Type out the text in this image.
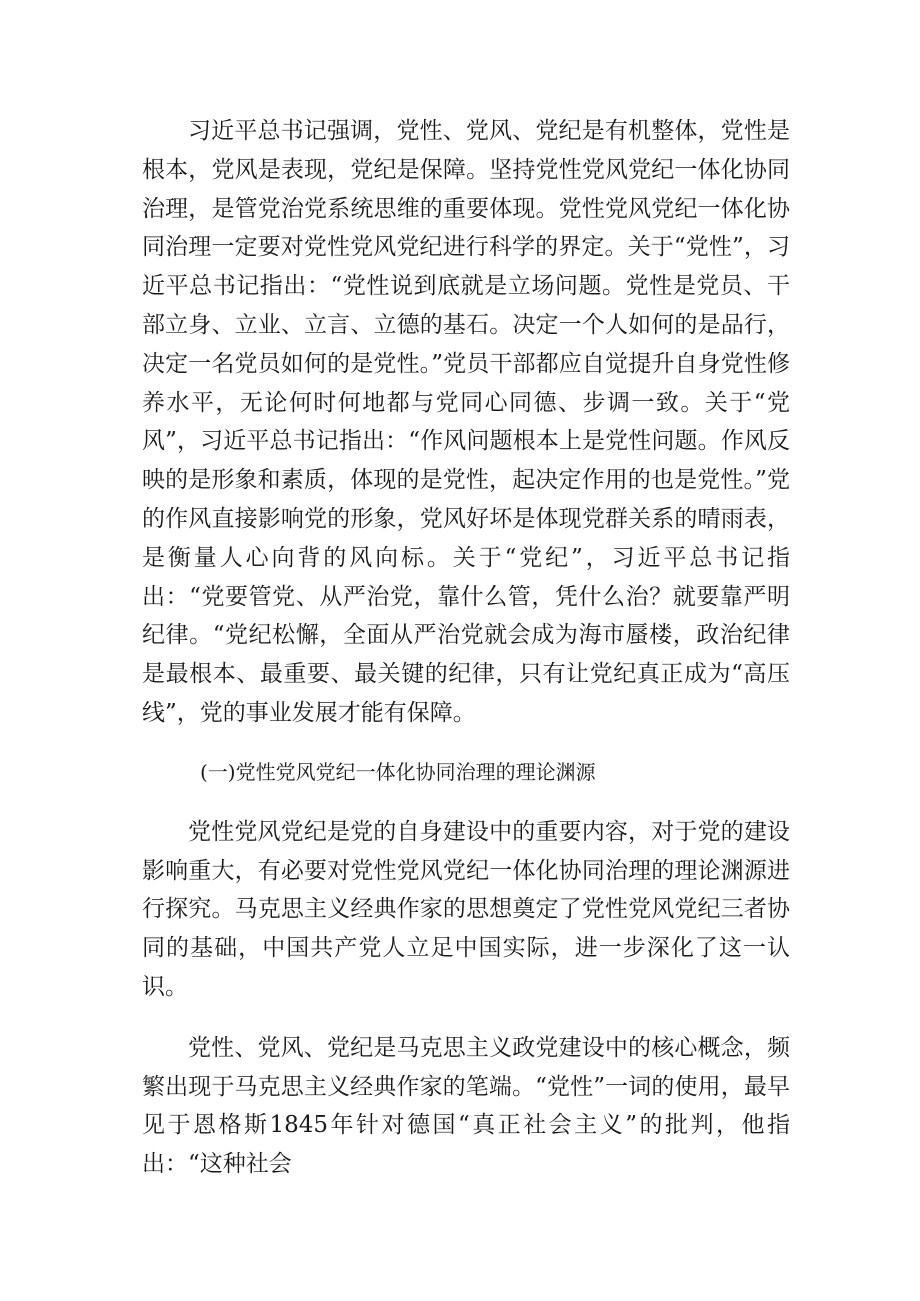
习近平总书记强调，党性、党风、党纪是有机整体，党性是根本，党风是表现，党纪是保障。坚持党性党风党纪一体化协同治理，是管党治党系统思维的重要体现。党性党风党纪一体化协同治理一定要对党性党风党纪进行科学的界定。关于“党性”，习近平总书记指出：“党性说到底就是立场问题。党性是党员、干部立身、立业、立言、立德的基石。决定一个人如何的是品行，决定一名党员如何的是党性。”党员干部都应自觉提升自身党性修养水平，无论何时何地都与党同心同德、步调一致。关于“党风”，习近平总书记指出：“作风问题根本上是党性问题。作风反映的是形象和素质，体现的是党性，起决定作用的也是党性。”党的作风直接影响党的形象，党风好坏是体现党群关系的晴雨表，是衡量人心向背的风向标。关于“党纪”，习近平总书记指出：“党要管党、从严治党，靠什么管，凭什么治？就要靠严明纪律。“党纪松懈，全面从严治党就会成为海市蜃楼，政治纪律是最根本、最重要、最关键的纪律，只有让党纪真正成为“高压线”，党的事业发展才能有保障。

(一)党性党风党纪一体化协同治理的理论渊源

党性党风党纪是党的自身建设中的重要内容，对于党的建设影响重大，有必要对党性党风党纪一体化协同治理的理论渊源进行探究。马克思主义经典作家的思想奠定了党性党风党纪三者协同的基础，中国共产党人立足中国实际，进一步深化了这一认识。

党性、党风、党纪是马克思主义政党建设中的核心概念，频繁出现于马克思主义经典作家的笔端。“党性”一词的使用，最早见于恩格斯1845年针对德国“真正社会主义”的批判，他指出：“这种社会
